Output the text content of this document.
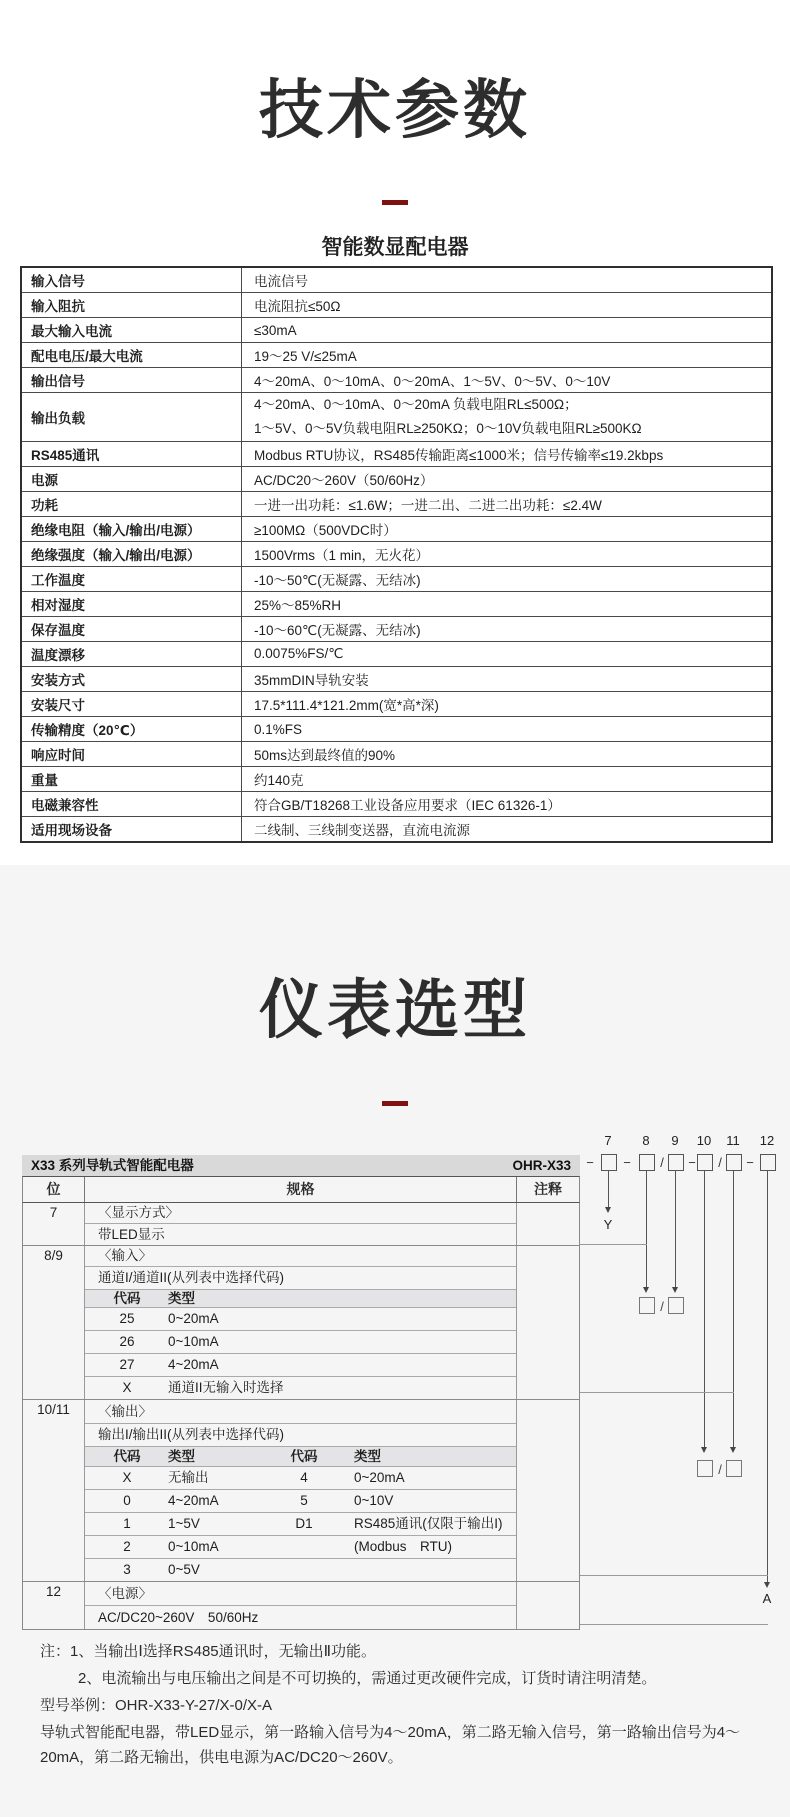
技术参数
智能数显配电器
输入信号	电流信号
输入阻抗	电流阻抗≤50Ω
最大输入电流	≤30mA
配电电压/最大电流	19～25 V/≤25mA
输出信号	4～20mA、0～10mA、0～20mA、1～5V、0～5V、0～10V
输出负载	4～20mA、0～10mA、0～20mA 负载电阻RL≤500Ω；
1～5V、0～5V负载电阻RL≥250KΩ；0～10V负载电阻RL≥500KΩ

RS485通讯	Modbus RTU协议，RS485传输距离≤1000米；信号传输率≤19.2kbps
电源	AC/DC20～260V（50/60Hz）
功耗	一进一出功耗：≤1.6W；一进二出、二进二出功耗：≤2.4W
绝缘电阻（输入/输出/电源）	≥100MΩ（500VDC时）
绝缘强度（输入/输出/电源）	1500Vrms（1 min，无火花）
工作温度	-10～50℃(无凝露、无结冰)
相对湿度	25%～85%RH
保存温度	-10～60℃(无凝露、无结冰)
温度漂移	0.0075%FS/℃
安装方式	35mmDIN导轨安装
安装尺寸	17.5*111.4*121.2mm(宽*高*深)
传输精度（20℃）	0.1%FS
响应时间	50ms达到最终值的90%
重量	约140克
电磁兼容性	符合GB/T18268工业设备应用要求（IEC 61326-1）
适用现场设备	二线制、三线制变送器，直流电流源
仪表选型
X33 系列导轨式智能配电器	OHR-X33
位	规格	注释
7	〈显示方式〉
带LED显示
8/9	〈输入〉
通道I/通道II(从列表中选择代码)
代码 类型
25 0~20mA
26 0~10mA
27 4~20mA
X	通道II无输入时选择
10/11	〈输出〉
输出I/输出II(从列表中选择代码)
代码 类型	代码	类型
X	无输出	4	0~20mA
0	4~20mA	5	0~10V
1	1~5V	D1	RS485通讯(仅限于输出I)
2	0~10mA	(Modbus　RTU)
3	0~5V
12	〈电源〉
AC/DC20~260V　50/60Hz
7	8	9	10	11	12
− −	/	−	/	−
Y
/
/
A
注：1、当输出Ⅰ选择RS485通讯时，无输出Ⅱ功能。
2、电流输出与电压输出之间是不可切换的，需通过更改硬件完成，订货时请注明清楚。
型号举例：OHR-X33-Y-27/X-0/X-A
导轨式智能配电器，带LED显示，第一路输入信号为4～20mA，第二路无输入信号，第一路输出信号为4～20mA，第二路无输出，供电电源为AC/DC20～260V。
